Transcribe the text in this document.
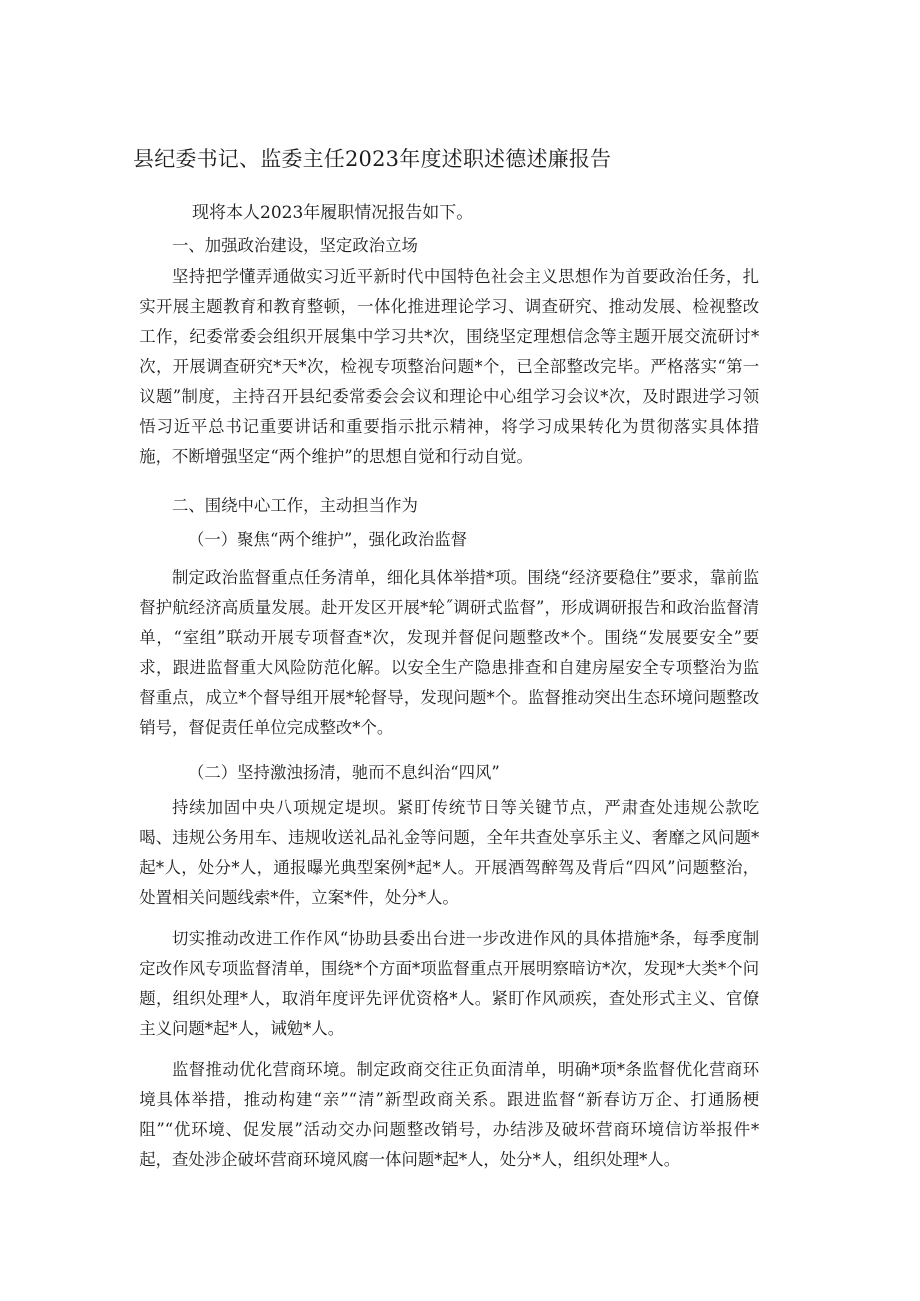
县纪委书记、监委主任2023年度述职述德述廉报告
现将本人2023年履职情况报告如下。
一、加强政治建设，坚定政治立场
坚持把学懂弄通做实习近平新时代中国特色社会主义思想作为首要政治任务，扎实开展主题教育和教育整顿，一体化推进理论学习、调查研究、推动发展、检视整改工作，纪委常委会组织开展集中学习共*次，围绕坚定理想信念等主题开展交流研讨*次，开展调查研究*天*次，检视专项整治问题*个，已全部整改完毕。严格落实“第一议题”制度，主持召开县纪委常委会会议和理论中心组学习会议*次，及时跟进学习领悟习近平总书记重要讲话和重要指示批示精神，将学习成果转化为贯彻落实具体措施，不断增强坚定“两个维护”的思想自觉和行动自觉。
二、围绕中心工作，主动担当作为
（一）聚焦“两个维护”，强化政治监督
制定政治监督重点任务清单，细化具体举措*项。围绕“经济要稳住”要求，靠前监督护航经济高质量发展。赴开发区开展*轮˝调研式监督”，形成调研报告和政治监督清单，“室组”联动开展专项督查*次，发现并督促问题整改*个。围绕“发展要安全”要求，跟进监督重大风险防范化解。以安全生产隐患排查和自建房屋安全专项整治为监督重点，成立*个督导组开展*轮督导，发现问题*个。监督推动突出生态环境问题整改销号，督促责任单位完成整改*个。
（二）坚持激浊扬清，驰而不息纠治“四风”
持续加固中央八项规定堤坝。紧盯传统节日等关键节点，严肃查处违规公款吃喝、违规公务用车、违规收送礼品礼金等问题，全年共查处享乐主义、奢靡之风问题*起*人，处分*人，通报曝光典型案例*起*人。开展酒驾醉驾及背后“四风”问题整治，处置相关问题线索*件，立案*件，处分*人。
切实推动改进工作作风“协助县委出台进一步改进作风的具体措施*条，每季度制定改作风专项监督清单，围绕*个方面*项监督重点开展明察暗访*次，发现*大类*个问题，组织处理*人，取消年度评先评优资格*人。紧盯作风顽疾，查处形式主义、官僚主义问题*起*人，诫勉*人。
监督推动优化营商环境。制定政商交往正负面清单，明确*项*条监督优化营商环境具体举措，推动构建“亲”“清”新型政商关系。跟进监督“新春访万企、打通肠梗阻”“优环境、促发展”活动交办问题整改销号，办结涉及破坏营商环境信访举报件*起，查处涉企破坏营商环境风腐一体问题*起*人，处分*人，组织处理*人。
